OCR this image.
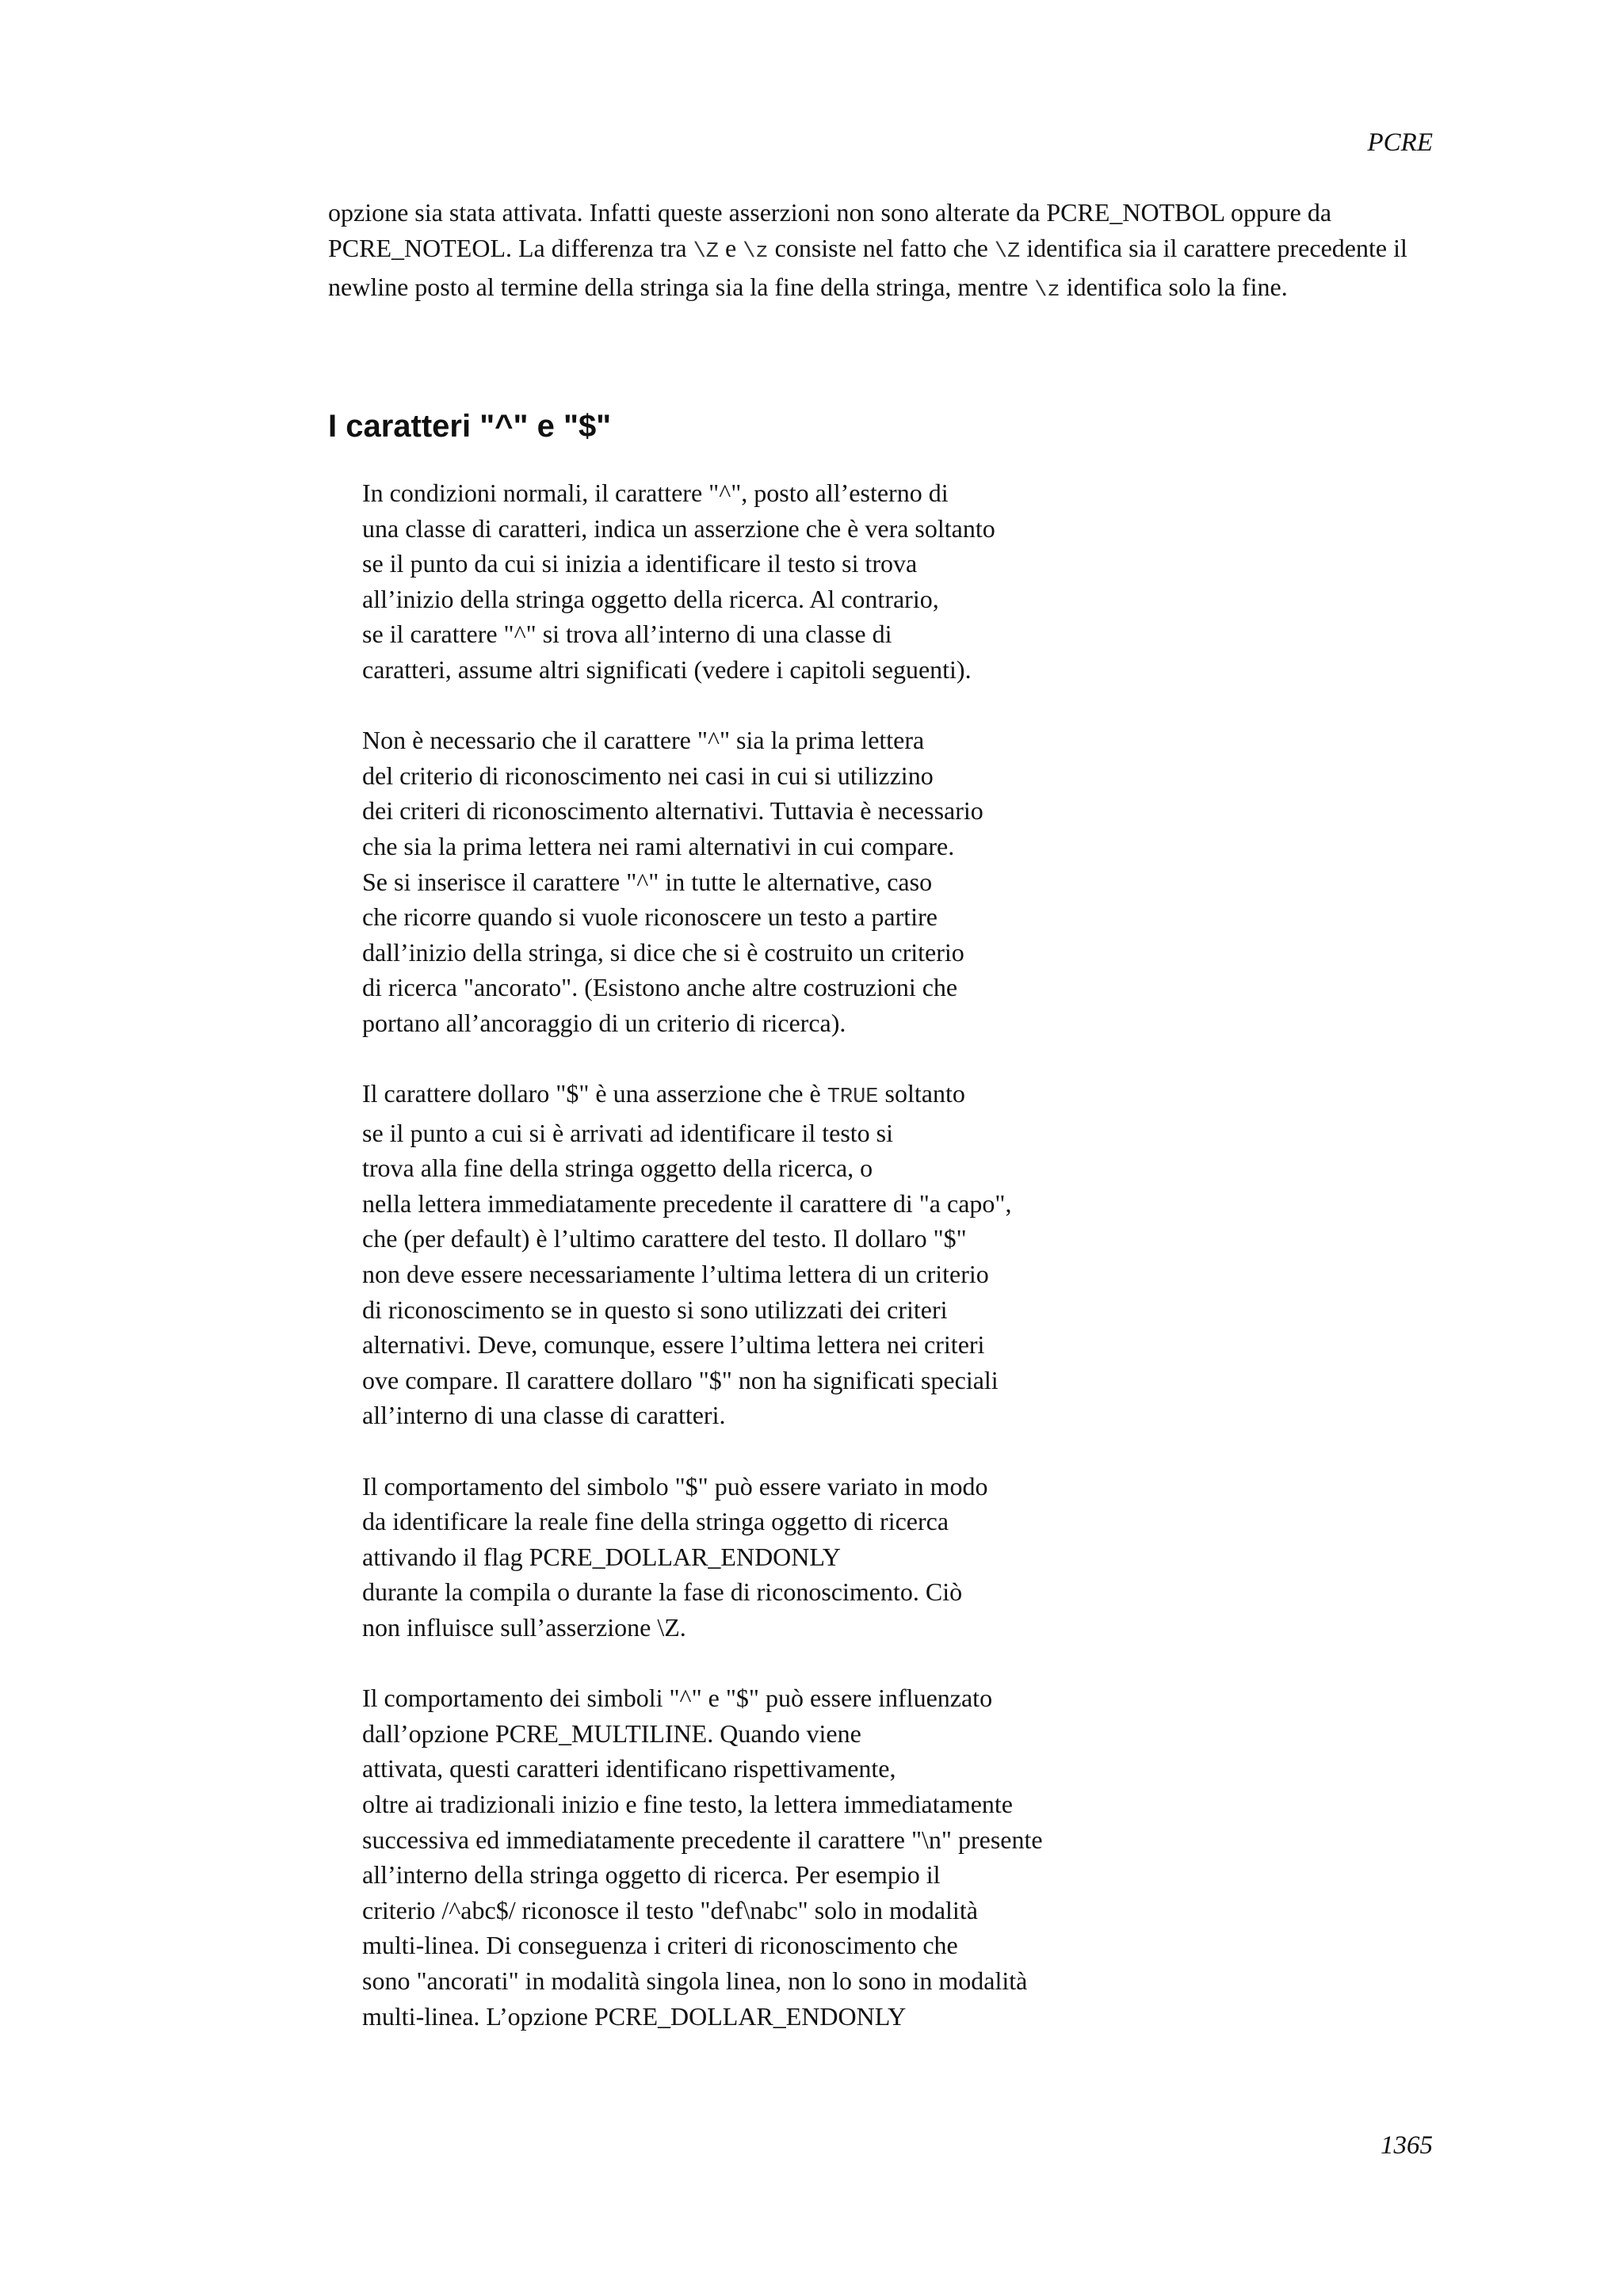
PCRE

opzione sia stata attivata. Infatti queste asserzioni non sono alterate da PCRE_NOTBOL oppure da PCRE_NOTEOL. La differenza tra \Z e \z consiste nel fatto che \Z identifica sia il carattere precedente il newline posto al termine della stringa sia la fine della stringa, mentre \z identifica solo la fine.

I caratteri "^" e "$"

In condizioni normali, il carattere "^", posto all’esterno di
una classe di caratteri, indica un asserzione che è vera soltanto
se il punto da cui si inizia a identificare il testo si trova
all’inizio della stringa oggetto della ricerca. Al contrario,
se il carattere "^" si trova all’interno di una classe di
caratteri, assume altri significati (vedere i capitoli seguenti).

Non è necessario che il carattere "^" sia la prima lettera
del criterio di riconoscimento nei casi in cui si utilizzino
dei criteri di riconoscimento alternativi. Tuttavia è necessario
che sia la prima lettera nei rami alternativi in cui compare.
Se si inserisce il carattere "^" in tutte le alternative, caso
che ricorre quando si vuole riconoscere un testo a partire
dall’inizio della stringa, si dice che si è costruito un criterio
di ricerca "ancorato". (Esistono anche altre costruzioni che
portano all’ancoraggio di un criterio di ricerca).

Il carattere dollaro "$" è una asserzione che è TRUE soltanto
se il punto a cui si è arrivati ad identificare il testo si
trova alla fine della stringa oggetto della ricerca, o
nella lettera immediatamente precedente il carattere di "a capo",
che (per default) è l’ultimo carattere del testo. Il dollaro "$"
non deve essere necessariamente l’ultima lettera di un criterio
di riconoscimento se in questo si sono utilizzati dei criteri
alternativi. Deve, comunque, essere l’ultima lettera nei criteri
ove compare. Il carattere dollaro "$" non ha significati speciali
all’interno di una classe di caratteri.

Il comportamento del simbolo "$" può essere variato in modo
da identificare la reale fine della stringa oggetto di ricerca
attivando il flag PCRE_DOLLAR_ENDONLY
durante la compila o durante la fase di riconoscimento. Ciò
non influisce sull’asserzione \Z.

Il comportamento dei simboli "^" e "$" può essere influenzato
dall’opzione PCRE_MULTILINE. Quando viene
attivata, questi caratteri identificano rispettivamente,
oltre ai tradizionali inizio e fine testo, la lettera immediatamente
successiva ed immediatamente precedente il carattere "\n" presente
all’interno della stringa oggetto di ricerca. Per esempio il
criterio /^abc$/ riconosce il testo "def\nabc" solo in modalità
multi-linea. Di conseguenza i criteri di riconoscimento che
sono "ancorati" in modalità singola linea, non lo sono in modalità
multi-linea. L’opzione PCRE_DOLLAR_ENDONLY

1365
